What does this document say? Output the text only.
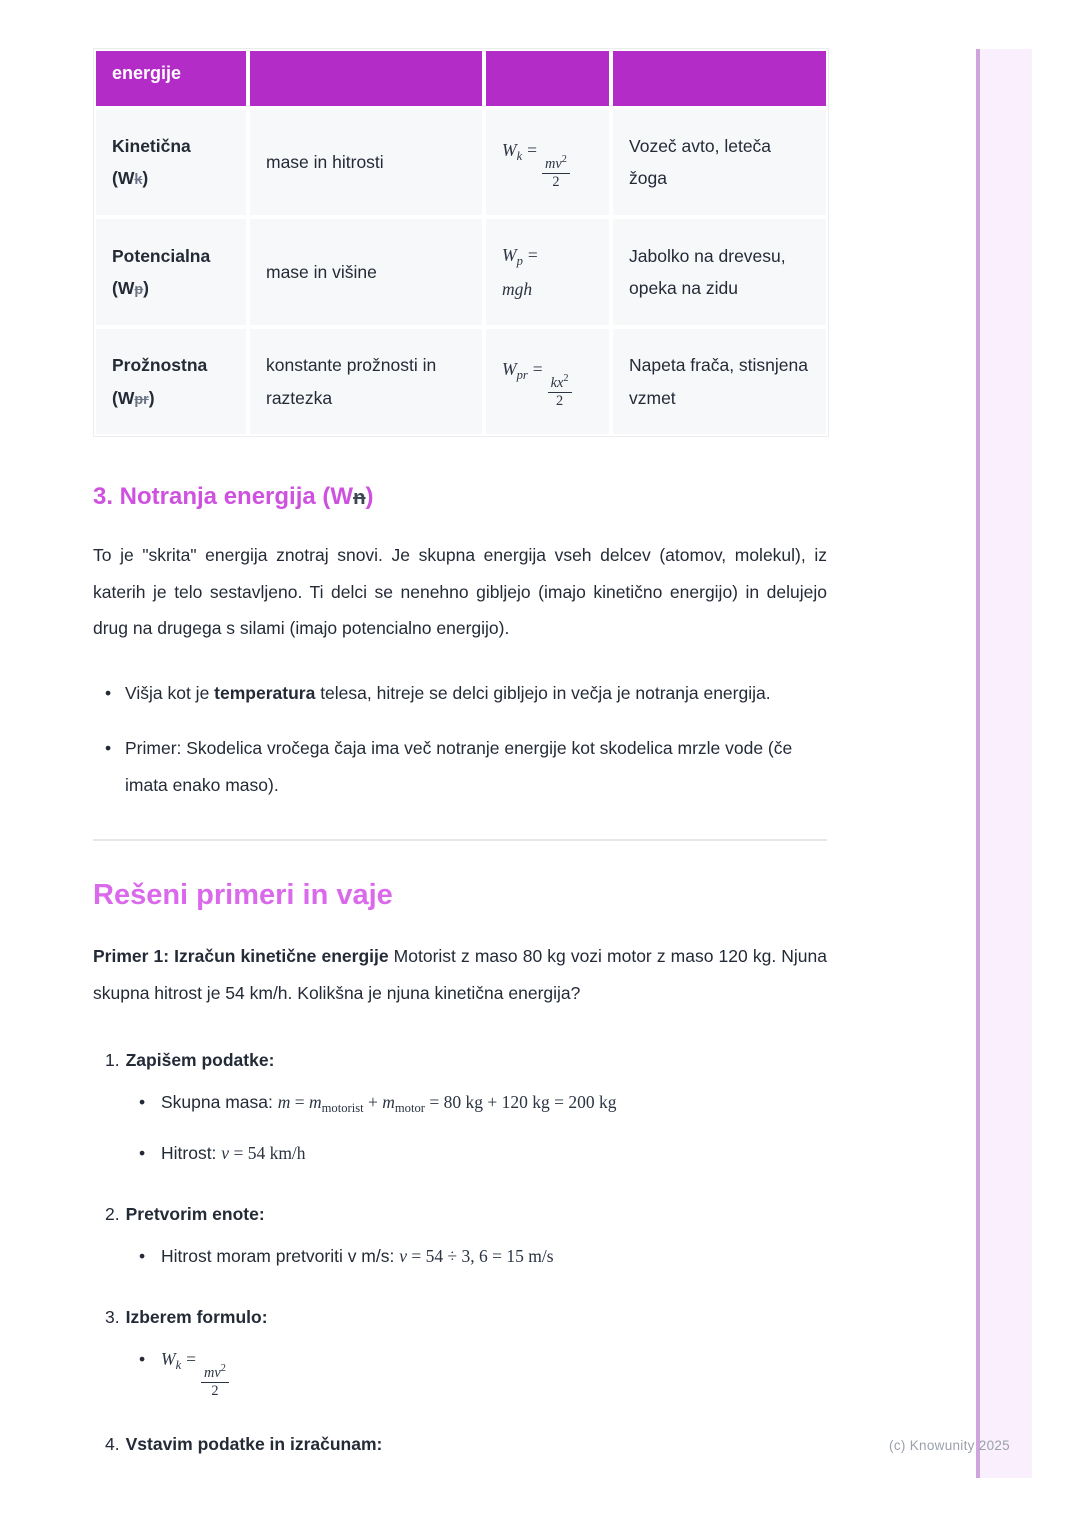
energije			

Kinetična
(Wk)	mase in hitrosti	$W_k$ =
$\frac{mv^2}{2}$	Vozeč avto, leteča žoga

Potencialna
(Wp)	mase in višine	$W_p$ =
mgh	Jabolko na drevesu, opeka na zidu

Prožnostna
(Wpr)	konstante prožnosti in raztezka	$W_{pr}$ =
$\frac{kx^2}{2}$	Napeta frača, stisnjena vzmet
3. Notranja energija (Wn)

To je "skrita" energija znotraj snovi. Je skupna energija vseh delcev (atomov, molekul), iz katerih je telo sestavljeno. Ti delci se nenehno gibljejo (imajo kinetično energijo) in delujejo drug na drugega s silami (imajo potencialno energijo).

• Višja kot je temperatura telesa, hitreje se delci gibljejo in večja je notranja energija.
• Primer: Skodelica vročega čaja ima več notranje energije kot skodelica mrzle vode (če imata enako maso).
Rešeni primeri in vaje

Primer 1: Izračun kinetične energije Motorist z maso 80 kg vozi motor z maso 120 kg. Njuna skupna hitrost je 54 km/h. Kolikšna je njuna kinetična energija?

1. Zapišem podatke:
• Skupna masa: $m = m_{motorist} + m_{motor} = 80$ kg + 120 kg = 200 kg
• Hitrost: v = 54 km/h
2. Pretvorim enote:
• Hitrost moram pretvoriti v m/s: v = 54 ÷ 3, 6 = 15 m/s
3. Izberem formulo:
• $W_k$ =
$\frac{mv^2}{2}$
4. Vstavim podatke in izračunam:	(c) Knowunity 2025
